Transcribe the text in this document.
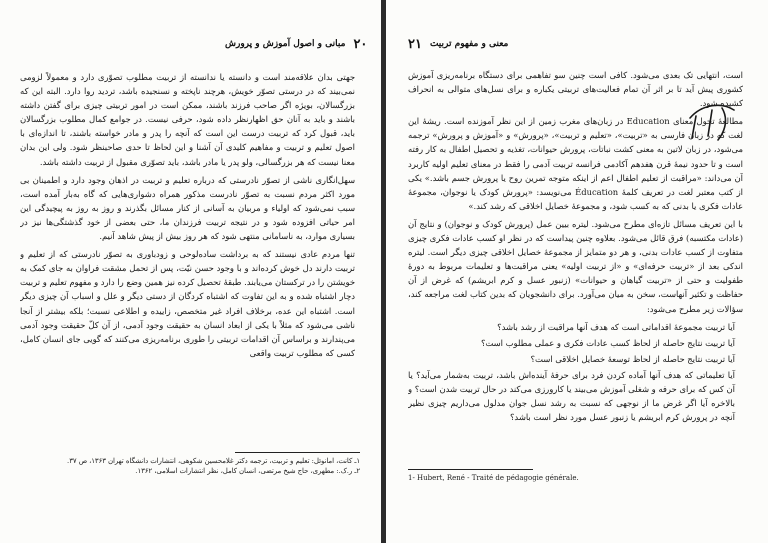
مبانی و اصول آموزش و پرورش ۲۰

جهتی بدان علاقه‌مند است و دانسته یا ندانسته از تربیت مطلوب تصوّری دارد و معمولاً لزومی نمی‌بیند که در درستی تصوّر خویش، هرچند ناپخته و نسنجیده باشد، تردید روا دارد. البته این که بزرگسالان، بویژه اگر صاحب فرزند باشند، ممکن است در امور تربیتی چیزی برای گفتن داشته باشند و باید به آنان حق اظهارنظر داده شود، حرفی نیست. در جوامع کمال مطلوب بزرگسالان باید، قبول کرد که تربیت درست این است که آنچه را پدر و مادر خواسته باشند، تا اندازه‌ای با اصول تعلیم و تربیت و مفاهیم کلیدی آن آشنا و این لحاظ تا حدی صاحبنظر شود. ولی این بدان معنا نیست که هر بزرگسالی، ولو پدر یا مادر باشد، باید تصوّری مقبول از تربیت داشته باشد.

سهل‌انگاری ناشی از تصوّر نادرستی که درباره تعلیم و تربیت در اذهان وجود دارد و اطمینان بی مورد اکثر مردم نسبت به تصوّر نادرست مذکور همراه دشواری‌هایی که گاه به‌بار آمده است، سبب نمی‌شود که اولیاء و مربیان به آسانی از کنار مسائل بگذرند و روز به روز به پیچیدگی این امر حیاتی افزوده شود و در نتیجه تربیت فرزندان ما، حتی بعضی از خود گذشتگی‌ها نیز در بسیاری موارد، به ناسامانی منتهی شود که هر روز بیش از پیش شاهد آنیم.

تنها مردم عادی نیستند که به برداشت ساده‌لوحی و زودباوری به تصوّر نادرستی که از تعلیم و تربیت دارند دل خوش کرده‌اند و با وجود حسن نیّت، پس از تحمل مشقت فراوان به جای کمک به خویشتن را در ترکستان می‌یابند. طبقهٔ تحصیل کرده نیز همین وضع را دارد و مفهوم تعلیم و تربیت دچار اشتباه شده و به این تفاوت که اشتباه کردگان از دستی دیگر و علل و اسباب آن چیزی دیگر است. اشتباه این عده، برخلاف افراد غیر متخصص، زاییده و اطلاعی نسبت؛ بلکه بیشتر از آنجا ناشی می‌شود که مثلاً با یکی از ابعاد انسان به حقیقت وجود آدمی، از آن کلّ حقیقت وجود آدمی می‌پندارند و براساس آن اقدامات تربیتی را طوری برنامه‌ریزی می‌کنند که گویی جای انسان کامل، کسی که مطلوب تربیت واقعی

۱ـ کانت، امانوئل: تعلیم و تربیت، ترجمه دکتر غلامحسین شکوهی، انتشارات دانشگاه تهران ۱۳۶۳، ص ۳۷.
۲ـ ر.ک.: مطهری، حاج شیخ مرتضی، انسان کامل، نظر انتشارات اسلامی، ۱۳۶۲.
۲۱ معنی و مفهوم تربیت

است، انتهایی تک بعدی می‌شود. کافی است چنین سو تفاهمی برای دستگاه برنامه‌ریزی آموزش کشوری پیش آید تا بر اثر آن تمام فعالیت‌های تربیتی یکباره و برای نسل‌های متوالی به انحراف کشیده شود.

مطالعهٔ تحول معنای Education در زبان‌های مغرب زمین از این نظر آموزنده است. ریشهٔ این لغت که در زبان فارسی به «تربیت»، «تعلیم و تربیت»، «پرورش» و «آموزش و پرورش» ترجمه می‌شود، در زبان لاتین به معنی کشت نباتات، پرورش حیوانات، تغذیه و تحصیل اطفال به کار رفته است و تا حدود نیمهٔ قرن هفدهم آکادمی فرانسه تربیت آدمی را فقط در معنای تعلیم اولیه کاربرد آن می‌داند: «مراقبت از تعلیم اطفال اعم از اینکه متوجه تمرین روح یا پرورش جسم باشد.» یکی از کتب معتبر لغت در تعریف کلمهٔ Éducation می‌نویسد: «پرورش کودک یا نوجوان، مجموعهٔ عادات فکری یا بدنی که به کسب شود، و مجموعهٔ خصایل اخلاقی که رشد کند.»

با این تعریف مسائل تازه‌ای مطرح می‌شود. لیتره بیین عمل (پرورش کودک و نوجوان) و نتایج آن (عادات مکتسبه) فرق قائل می‌شود. بعلاوه چنین پیداست که در نظر او کسب عادات فکری چیزی متفاوت از کسب عادات بدنی، و هر دو متمایز از مجموعهٔ خصایل اخلاقی چیزی دیگر است. لیتره اندکی بعد از «تربیت حرفه‌ای» و «از تربیت اولیه» یعنی مراقبت‌ها و تعلیمات مربوط به دورهٔ طفولیت و حتی از «تربیت گیاهان و حیوانات» (زنبور عسل و کرم ابریشم) که غرض از آن حفاظت و تکثیر آنهاست، سخن به میان می‌آورد. برای دانشجویان که بدین کتاب لغت مراجعه کند، سؤالات زیر مطرح می‌شود:

آیا تربیت مجموعهٔ اقداماتی است که هدف آنها مراقبت از رشد باشد؟

آیا تربیت نتایج حاصله از لحاظ کسب عادات فکری و عملی مطلوب است؟

آیا تربیت نتایج حاصله از لحاظ توسعهٔ خصایل اخلاقی است؟

آیا تعلیماتی که هدف آنها آماده کردن فرد برای حرفهٔ آینده‌اش باشد، تربیت به‌شمار می‌آید؟ یا آن کس که برای حرفه و شغلی آموزش می‌بیند یا کارورزی می‌کند در حال تربیت شدن است؟ و بالاخره آیا اگر غرض ما از نوجهی که نسبت به رشد نسل جوان مدلول می‌داریم چیزی نظیر آنچه در پرورش کرم ابریشم یا زنبور عسل مورد نظر است باشد؟

1- Hubert, René - Traité de pédagogie générale.
